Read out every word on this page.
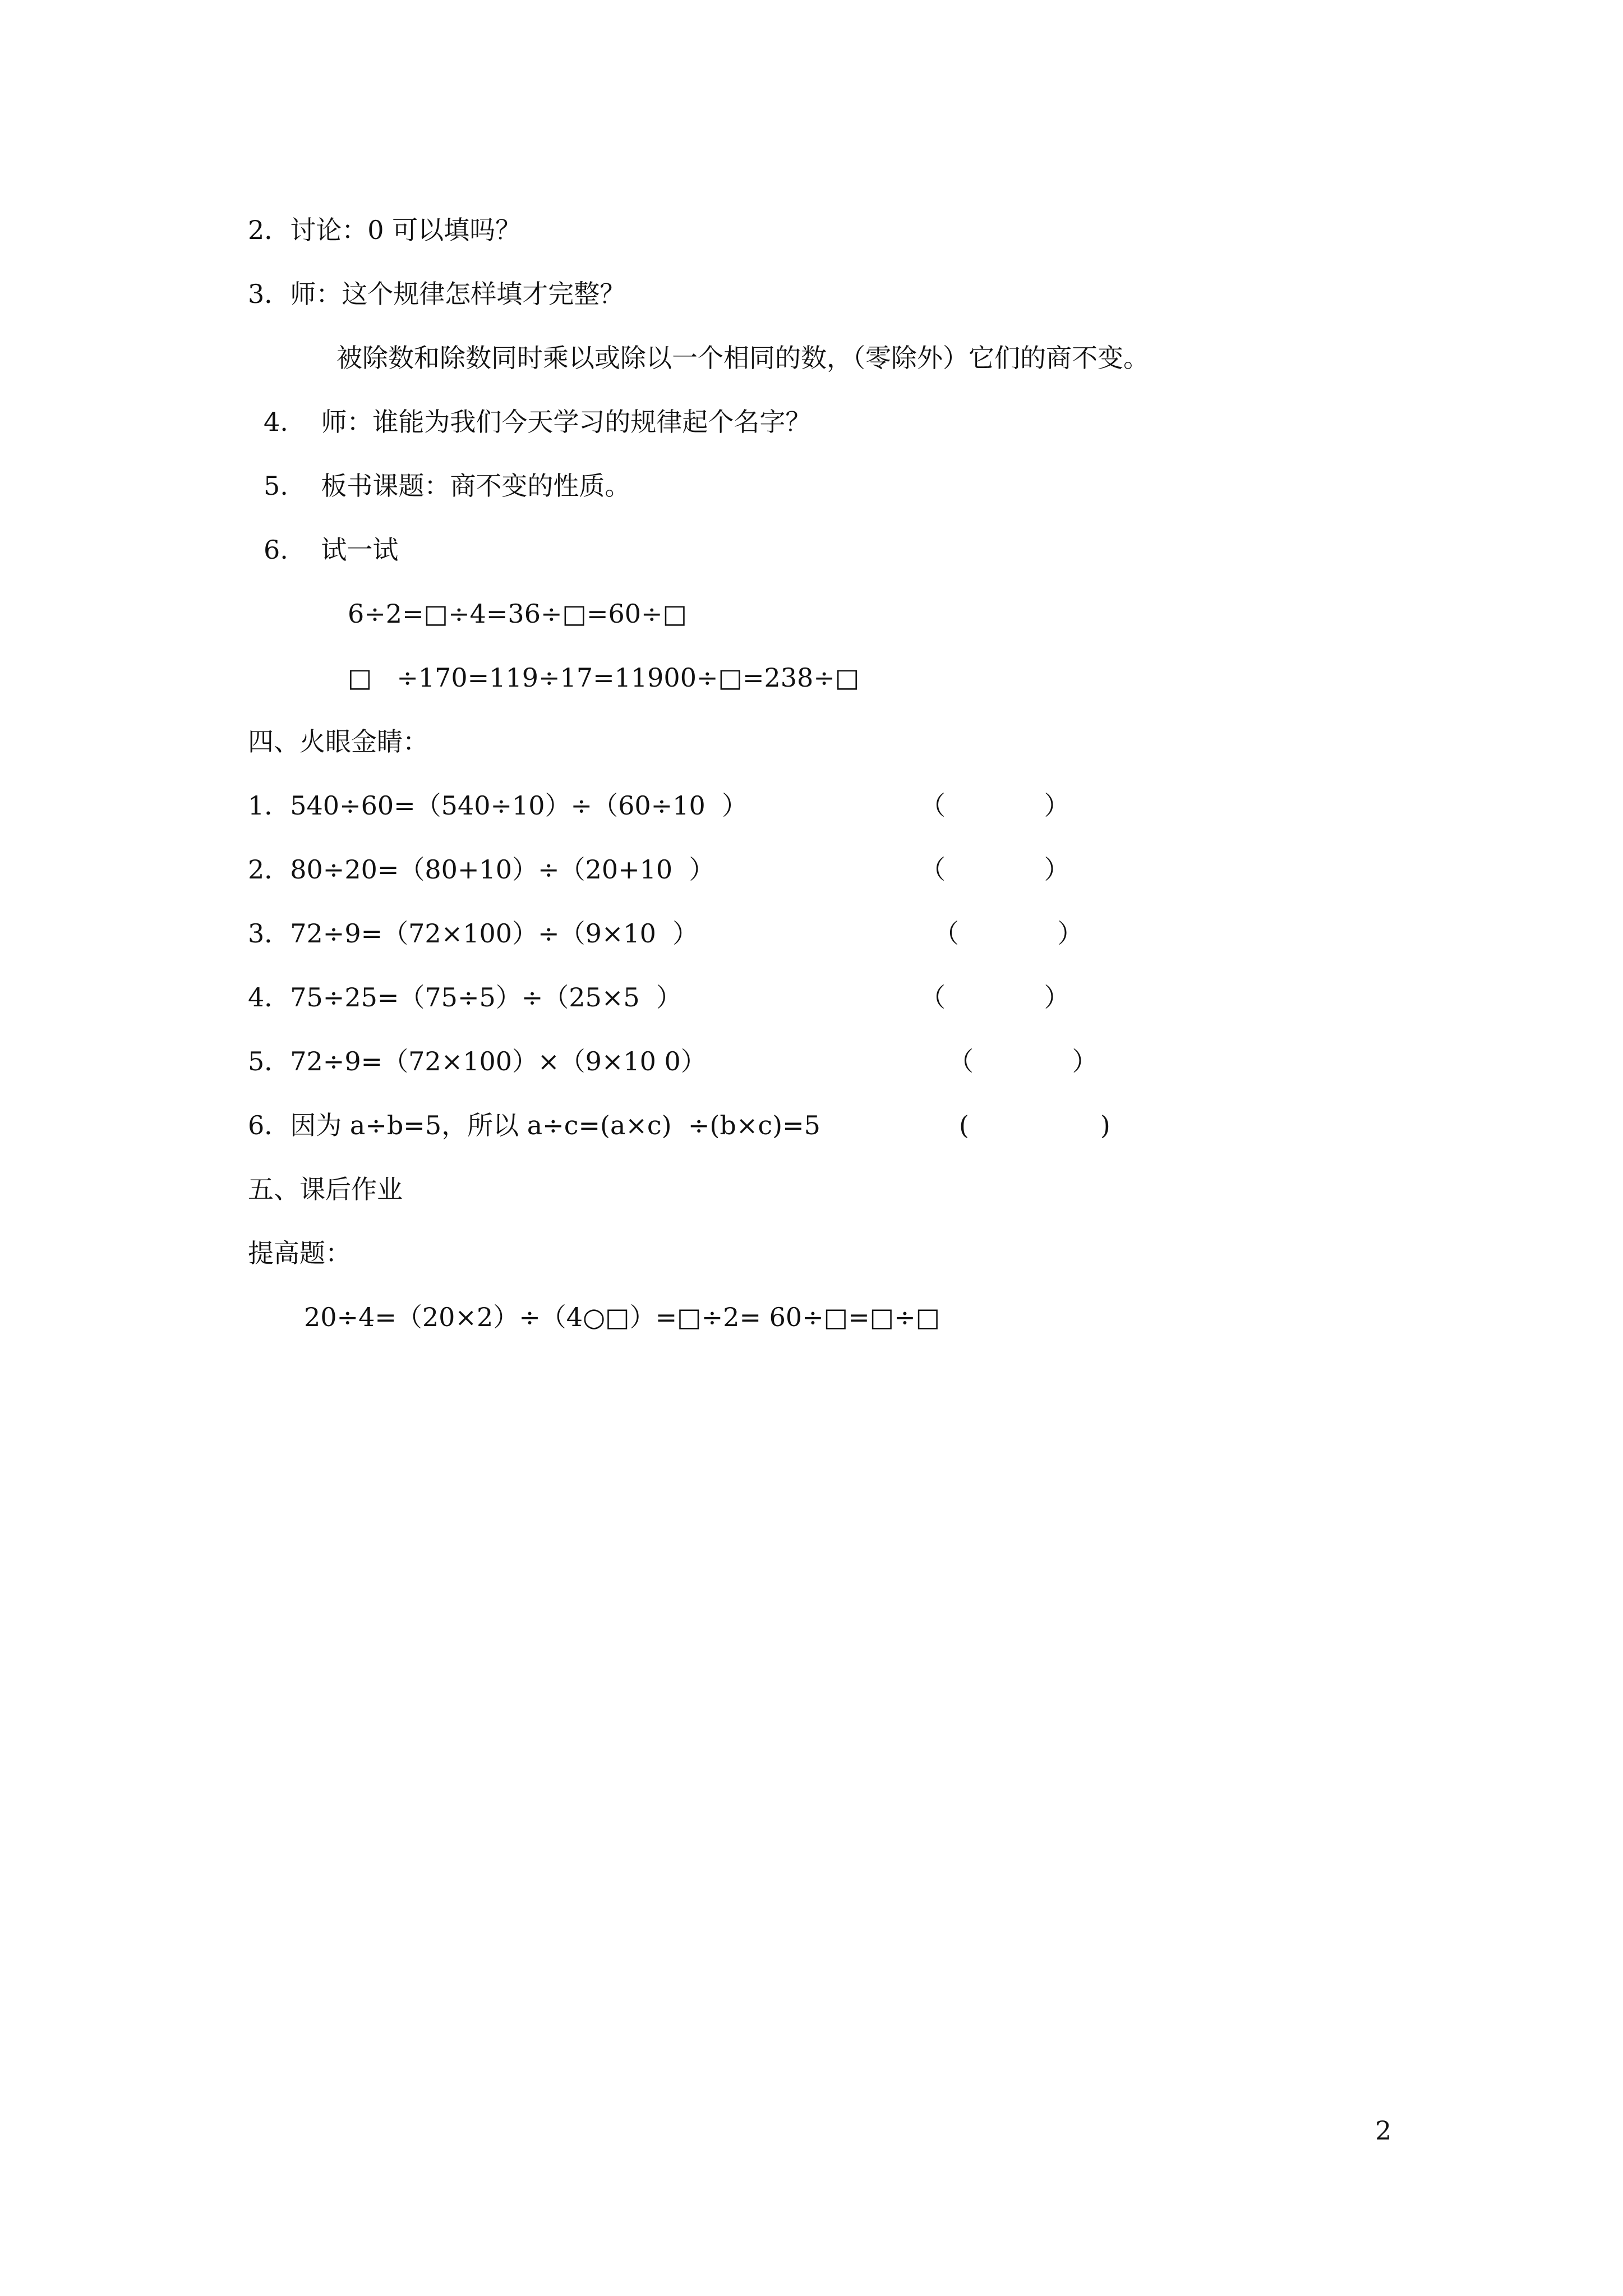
2．讨论：0 可以填吗？
3．师：这个规律怎样填才完整？
被除数和除数同时乘以或除以一个相同的数，（零除外）它们的商不变。
4.    师：谁能为我们今天学习的规律起个名字？
5.    板书课题：商不变的性质。
6.    试一试
6÷2=□÷4=36÷□=60÷□
□   ÷170=119÷17=11900÷□=238÷□
四、火眼金睛：
1．540÷60=（540÷10）÷（60÷10  ）	（            ）
2．80÷20=（80+10）÷（20+10  ）	（            ）
3．72÷9=（72×100）÷（9×10  ）	（            ）
4．75÷25=（75÷5）÷（25×5  ）	（            ）
5．72÷9=（72×100）×（9×10 0）	（            ）
6．因为 a÷b=5，所以 a÷c=(a×c)  ÷(b×c)=5	(                )
五、课后作业
提高题：
20÷4=（20×2）÷（4○□）=□÷2= 60÷□=□÷□
2
